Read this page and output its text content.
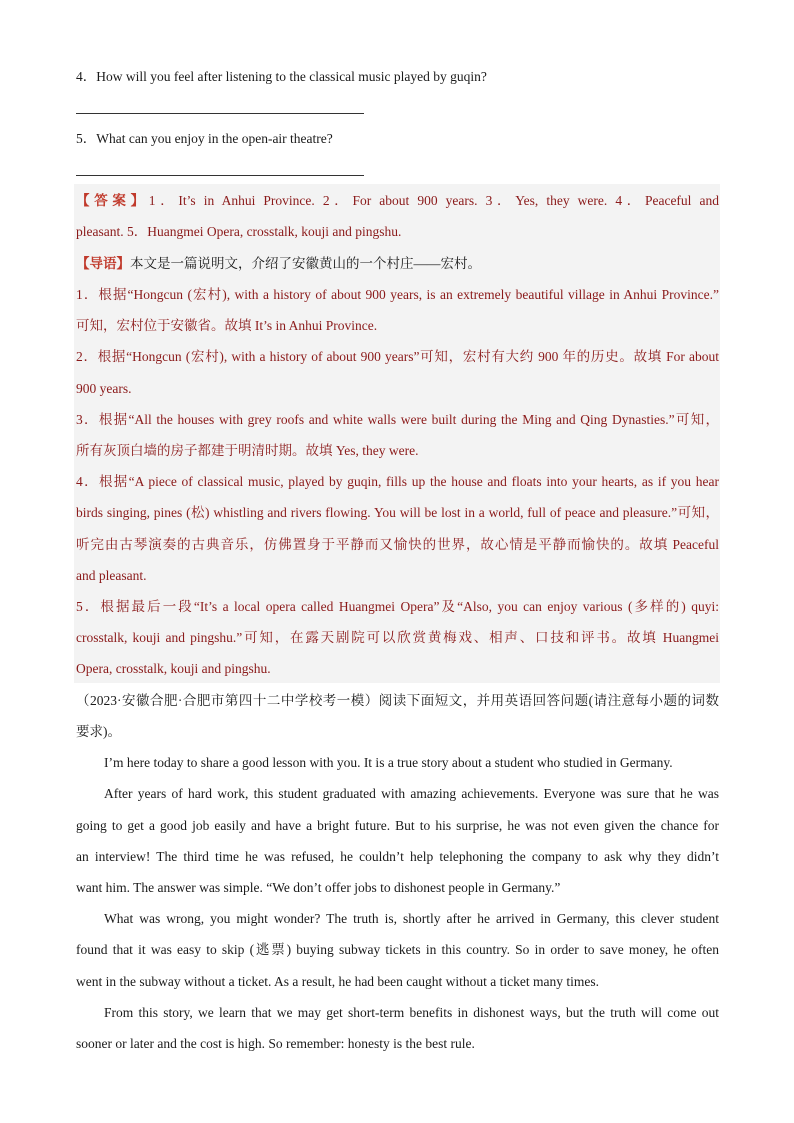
4．How will you feel after listening to the classical music played by guqin?
5．What can you enjoy in the open-air theatre?
【答案】1．It’s in Anhui Province. 2．For about 900 years. 3．Yes, they were. 4．Peaceful and
pleasant. 5．Huangmei Opera, crosstalk, kouji and pingshu.
【导语】本文是一篇说明文，介绍了安徽黄山的一个村庄——宏村。
1．根据“Hongcun (宏村), with a history of about 900 years, is an extremely beautiful village in Anhui Province.”
可知，宏村位于安徽省。故填 It’s in Anhui Province.
2．根据“Hongcun (宏村), with a history of about 900 years”可知，宏村有大约 900 年的历史。故填 For about
900 years.
3．根据“All the houses with grey roofs and white walls were built during the Ming and Qing Dynasties.”可知，
所有灰顶白墙的房子都建于明清时期。故填 Yes, they were.
4．根据“A piece of classical music, played by guqin, fills up the house and floats into your hearts, as if you hear
birds singing, pines (松) whistling and rivers flowing. You will be lost in a world, full of peace and pleasure.”可知，
听完由古琴演奏的古典音乐，仿佛置身于平静而又愉快的世界，故心情是平静而愉快的。故填 Peaceful
and pleasant.
5．根据最后一段“It’s a local opera called Huangmei Opera”及“Also, you can enjoy various (多样的) quyi:
crosstalk, kouji and pingshu.”可知，在露天剧院可以欣赏黄梅戏、相声、口技和评书。故填 Huangmei
Opera, crosstalk, kouji and pingshu.
（2023·安徽合肥·合肥市第四十二中学校考一模）阅读下面短文，并用英语回答问题(请注意每小题的词数
要求)。
I’m here today to share a good lesson with you. It is a true story about a student who studied in Germany.
After years of hard work, this student graduated with amazing achievements. Everyone was sure that he was
going to get a good job easily and have a bright future. But to his surprise, he was not even given the chance for
an interview! The third time he was refused, he couldn’t help telephoning the company to ask why they didn’t
want him. The answer was simple. “We don’t offer jobs to dishonest people in Germany.”
What was wrong, you might wonder? The truth is, shortly after he arrived in Germany, this clever student
found that it was easy to skip (逃票) buying subway tickets in this country. So in order to save money, he often
went in the subway without a ticket. As a result, he had been caught without a ticket many times.
From this story, we learn that we may get short-term benefits in dishonest ways, but the truth will come out
sooner or later and the cost is high. So remember: honesty is the best rule.
